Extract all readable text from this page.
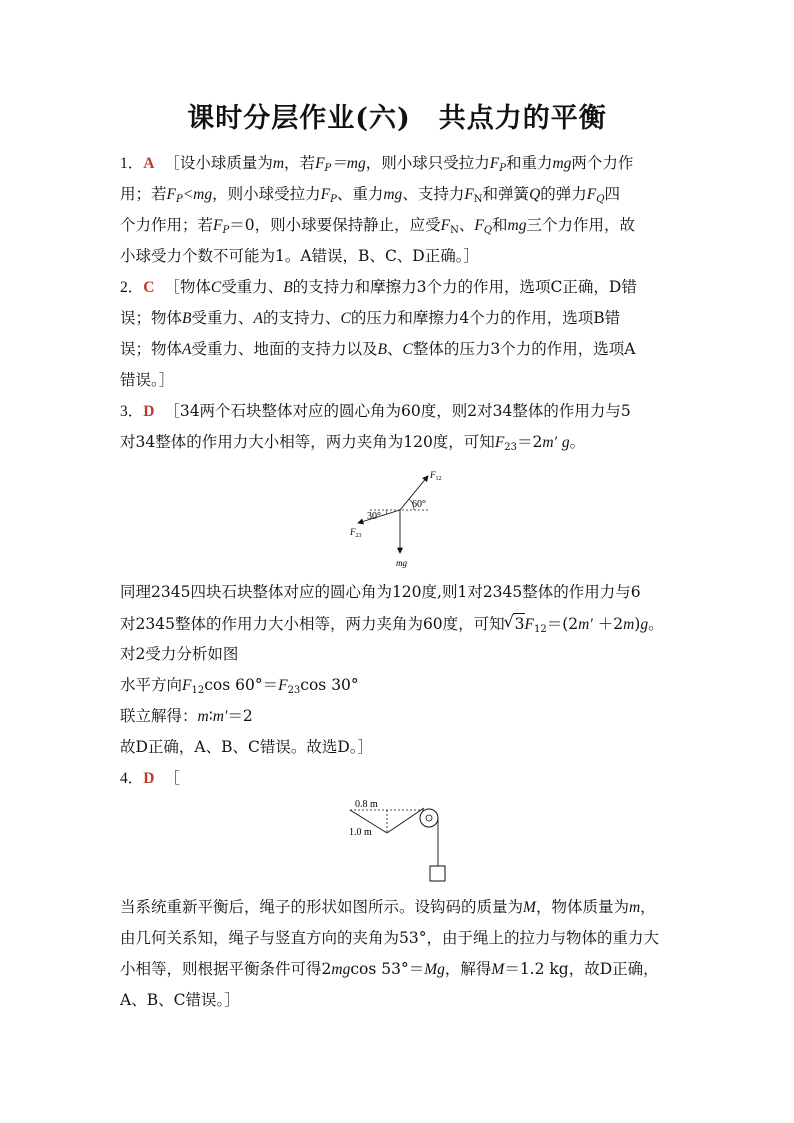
课时分层作业(六) 共点力的平衡
1．A ［设小球质量为m，若$F_P=mg$，则小球只受拉力$F_P$和重力mg两个力作
用；若$F_P<mg$，则小球受拉力$F_P$、重力mg、支持力FN和弹簧Q的弹力$F_Q$四
个力作用；若$F_P=0$，则小球要保持静止，应受FN、$F_Q$和mg三个力作用，故
小球受力个数不可能为1。A错误，B、C、D正确。］
2．C ［物体C受重力、B的支持力和摩擦力3个力的作用，选项C正确，D错
误；物体B受重力、A的支持力、C的压力和摩擦力4个力的作用，选项B错
误；物体A受重力、地面的支持力以及B、C整体的压力3个力的作用，选项A
错误。］
3．D ［34两个石块整体对应的圆心角为60度，则2对34整体的作用力与5
对34整体的作用力大小相等，两力夹角为120度，可知F23＝2m′ g。
$F_{12}$
60°
30°
$F_{23}$
mg
同理2345四块石块整体对应的圆心角为120度,则1对2345整体的作用力与6
对2345整体的作用力大小相等，两力夹角为60度，可知 √ 3F12＝(2m′ ＋2m)g。
对2受力分析如图
水平方向F12cos 60°＝F23cos 30°
联立解得：m∶m′＝2
故D正确，A、B、C错误。故选D。］
4．D ［
0.8 m
1.0 m
当系统重新平衡后，绳子的形状如图所示。设钩码的质量为M，物体质量为m，
由几何关系知，绳子与竖直方向的夹角为53°，由于绳上的拉力与物体的重力大
小相等，则根据平衡条件可得2mgcos 53°＝Mg，解得M＝1.2 kg，故D正确，
A、B、C错误。］
